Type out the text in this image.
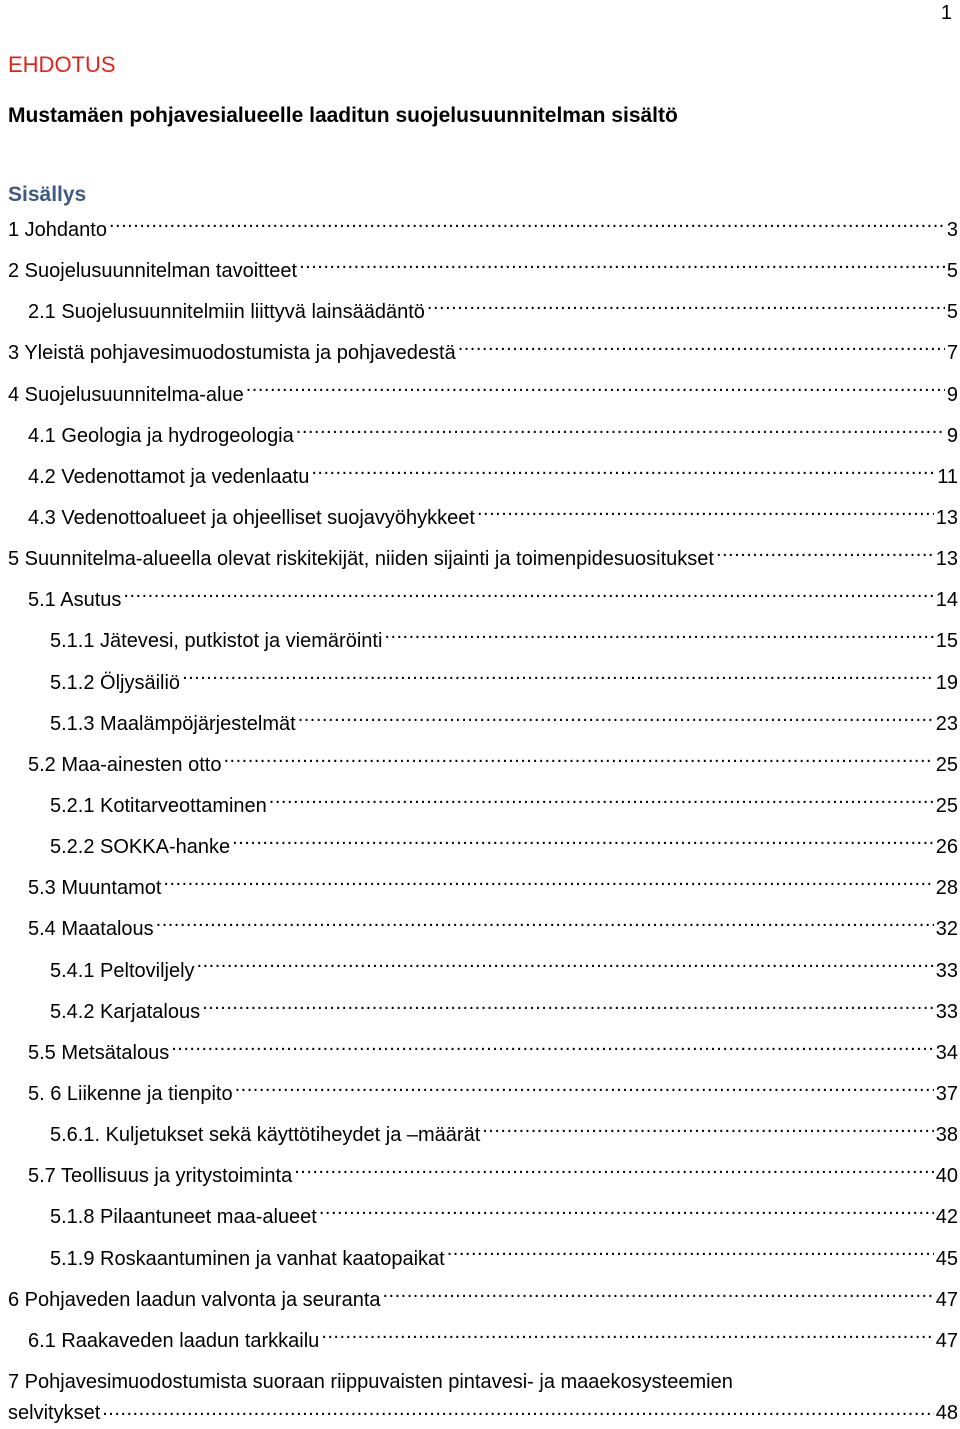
1
EHDOTUS
Mustamäen pohjavesialueelle laaditun suojelusuunnitelman sisältö
Sisällys
1 Johdanto .....	3
2 Suojelusuunnitelman tavoitteet .....	5
2.1 Suojelusuunnitelmiin liittyvä lainsäädäntö .....	5
3 Yleistä pohjavesimuodostumista ja pohjavedestä .....	7
4 Suojelusuunnitelma-alue .....	9
4.1 Geologia ja hydrogeologia .....	9
4.2 Vedenottamot ja vedenlaatu .....	11
4.3 Vedenottoalueet ja ohjeelliset suojavyöhykkeet .....	13
5 Suunnitelma-alueella olevat riskitekijät, niiden sijainti ja toimenpidesuositukset .....	13
5.1 Asutus .....	14
5.1.1 Jätevesi, putkistot ja viemäröinti .....	15
5.1.2 Öljysäiliö .....	19
5.1.3 Maalämpöjärjestelmät .....	23
5.2 Maa-ainesten otto .....	25
5.2.1 Kotitarveottaminen .....	25
5.2.2 SOKKA-hanke .....	26
5.3 Muuntamot .....	28
5.4 Maatalous .....	32
5.4.1 Peltoviljely .....	33
5.4.2 Karjatalous .....	33
5.5 Metsätalous .....	34
5. 6 Liikenne ja tienpito .....	37
5.6.1. Kuljetukset sekä käyttötiheydet ja –määrät .....	38
5.7 Teollisuus ja yritystoiminta .....	40
5.1.8 Pilaantuneet maa-alueet .....	42
5.1.9 Roskaantuminen ja vanhat kaatopaikat .....	45
6 Pohjaveden laadun valvonta ja seuranta .....	47
6.1 Raakaveden laadun tarkkailu .....	47
7 Pohjavesimuodostumista suoraan riippuvaisten pintavesi- ja maaekosysteemien
selvitykset .....	48
